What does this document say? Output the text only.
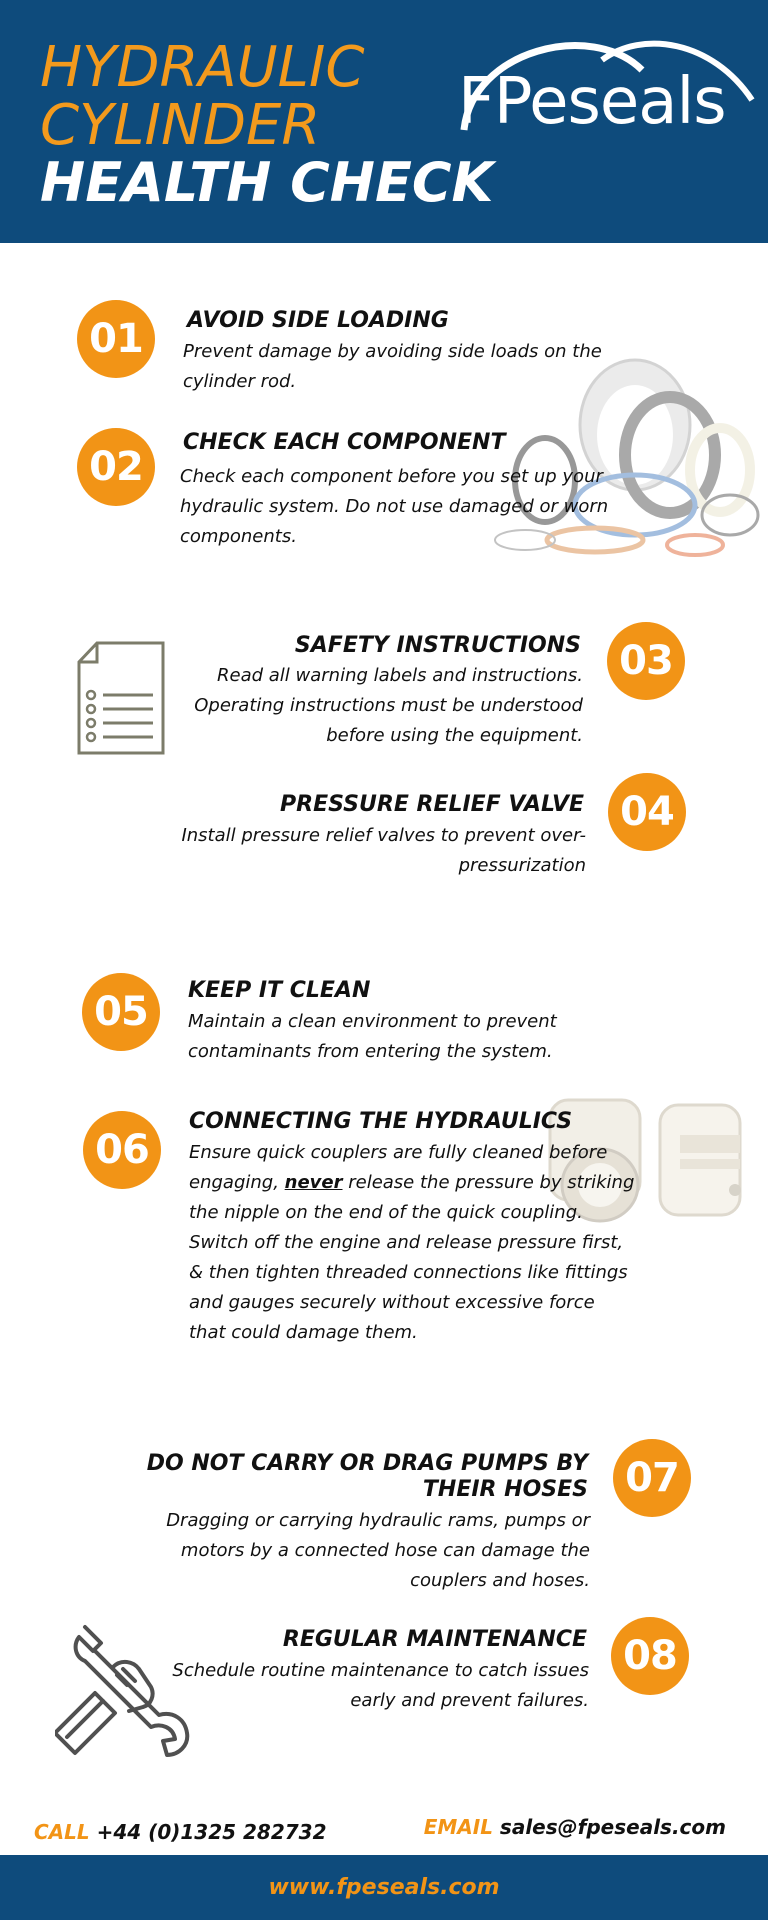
HYDRAULIC
CYLINDER
HEALTH CHECK
FPeseals
01	AVOID SIDE LOADING
Prevent damage by avoiding side loads on the
cylinder rod.
02
CHECK EACH COMPONENT
Check each component before you set up your
hydraulic system. Do not use damaged or worn
components.
03
SAFETY INSTRUCTIONS
Read all warning labels and instructions.
Operating instructions must be understood
before using the equipment.
04
PRESSURE RELIEF VALVE
Install pressure relief valves to prevent over-
pressurization
05	KEEP IT CLEAN
Maintain a clean environment to prevent
contaminants from entering the system.
06
CONNECTING THE HYDRAULICS
Ensure quick couplers are fully cleaned before
engaging, never release the pressure by striking
the nipple on the end of the quick coupling.
Switch off the engine and release pressure first,
& then tighten threaded connections like fittings
and gauges securely without excessive force
that could damage them.
07
DO NOT CARRY OR DRAG PUMPS BY
THEIR HOSES
Dragging or carrying hydraulic rams, pumps or
motors by a connected hose can damage the
couplers and hoses.
08
REGULAR MAINTENANCE
Schedule routine maintenance to catch issues
early and prevent failures.
CALL +44 (0)1325 282732	EMAIL sales@fpeseals.com
www.fpeseals.com
